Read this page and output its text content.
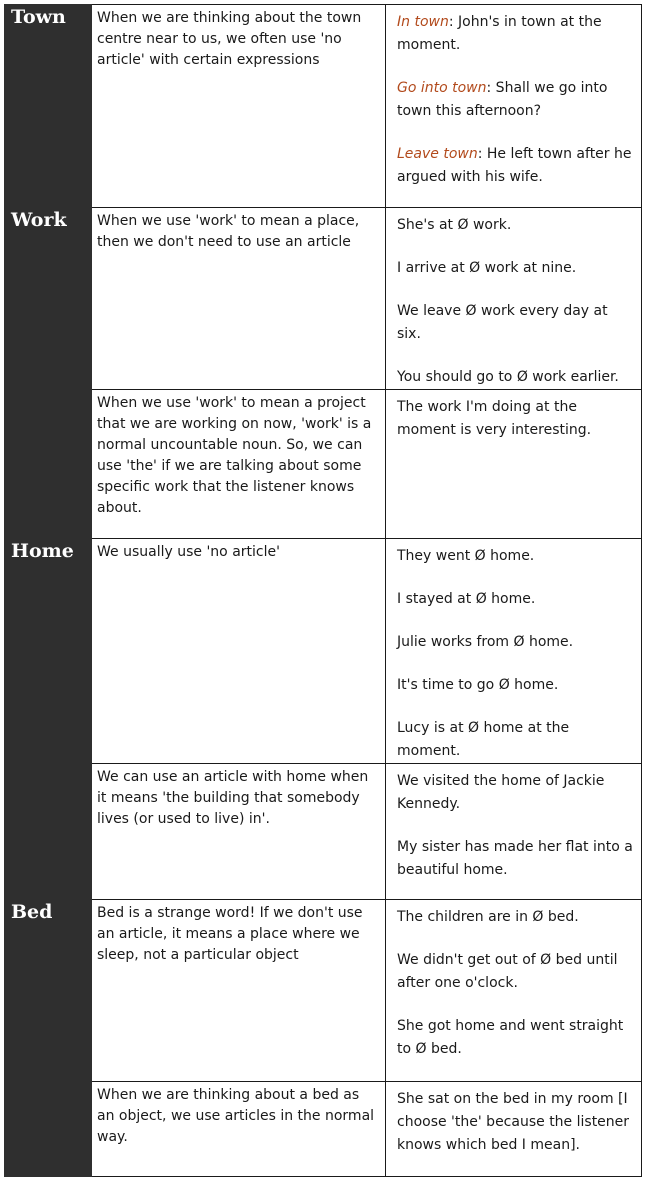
Town	When we are thinking about the town centre near to us, we often use 'no article' with certain expressions	In town: John's in town at the moment.
Go into town: Shall we go into town this afternoon?
Leave town: He left town after he argued with his wife.

Work	When we use 'work' to mean a place, then we don't need to use an article	She's at Ø work.
I arrive at Ø work at nine.
We leave Ø work every day at six.
You should go to Ø work earlier.

	When we use 'work' to mean a project that we are working on now, 'work' is a normal uncountable noun. So, we can use 'the' if we are talking about some specific work that the listener knows about.	The work I'm doing at the moment is very interesting.

Home	We usually use 'no article'	They went Ø home.
I stayed at Ø home.
Julie works from Ø home.
It's time to go Ø home.
Lucy is at Ø home at the moment.

	We can use an article with home when it means 'the building that somebody lives (or used to live) in'.	We visited the home of Jackie Kennedy.
My sister has made her flat into a beautiful home.

Bed	Bed is a strange word! If we don't use an article, it means a place where we sleep, not a particular object	The children are in Ø bed.
We didn't get out of Ø bed until after one o'clock.
She got home and went straight to Ø bed.

	When we are thinking about a bed as an object, we use articles in the normal way.	She sat on the bed in my room [I choose 'the' because the listener knows which bed I mean].
